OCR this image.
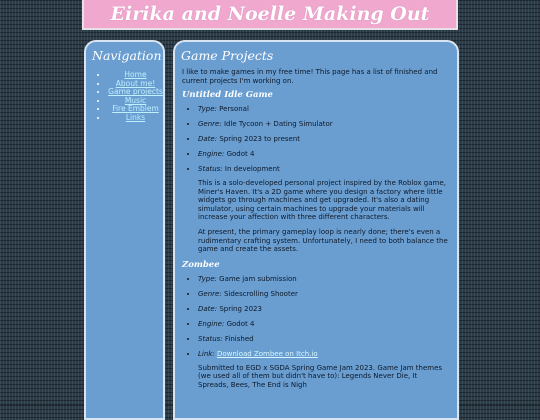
Eirika and Noelle Making Out
Navigation
• Home
• About me!
• Game projects
• Music
• Fire Emblem
• Links
Game Projects

I like to make games in my free time! This page has a list of finished and current projects I'm working on.

Untitled Idle Game
• Type: Personal
• Genre: Idle Tycoon + Dating Simulator
• Date: Spring 2023 to present
• Engine: Godot 4
• Status: In development

This is a solo-developed personal project inspired by the Roblox game, Miner's Haven. It's a 2D game where you design a factory where little widgets go through machines and get upgraded. It's also a dating simulator, using certain machines to upgrade your materials will increase your affection with three different characters.

At present, the primary gameplay loop is nearly done; there's even a rudimentary crafting system. Unfortunately, I need to both balance the game and create the assets.

Zombee
• Type: Game jam submission
• Genre: Sidescrolling Shooter
• Date: Spring 2023
• Engine: Godot 4
• Status: Finished
• Link: Download Zombee on Itch.io

Submitted to EGD x SGDA Spring Game Jam 2023. Game Jam themes (we used all of them but didn't have to): Legends Never Die, It Spreads, Bees, The End is Nigh
